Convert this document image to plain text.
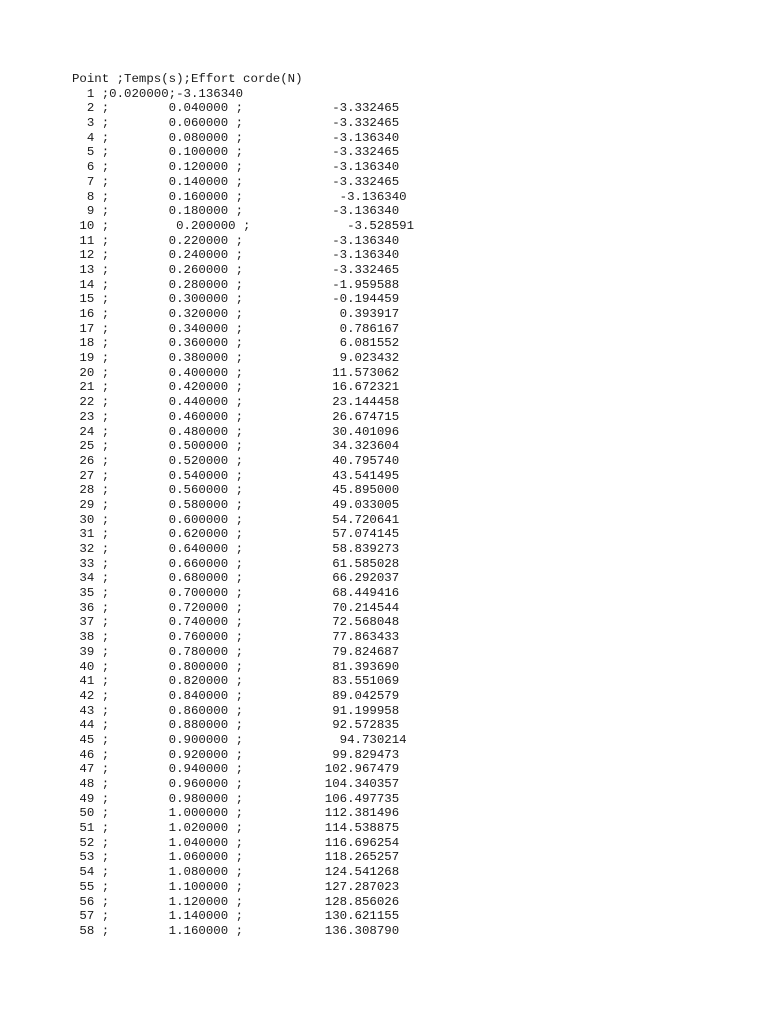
Point ;Temps(s);Effort corde(N)
1 ;0.020000;-3.136340
2 ;        0.040000 ;            -3.332465
3 ;        0.060000 ;            -3.332465
4 ;        0.080000 ;            -3.136340
5 ;        0.100000 ;            -3.332465
6 ;        0.120000 ;            -3.136340
7 ;        0.140000 ;            -3.332465
8 ;        0.160000 ;             -3.136340
9 ;        0.180000 ;            -3.136340
10 ;         0.200000 ;             -3.528591
11 ;        0.220000 ;            -3.136340
12 ;        0.240000 ;            -3.136340
13 ;        0.260000 ;            -3.332465
14 ;        0.280000 ;            -1.959588
15 ;        0.300000 ;            -0.194459
16 ;        0.320000 ;             0.393917
17 ;        0.340000 ;             0.786167
18 ;        0.360000 ;             6.081552
19 ;        0.380000 ;             9.023432
20 ;        0.400000 ;            11.573062
21 ;        0.420000 ;            16.672321
22 ;        0.440000 ;            23.144458
23 ;        0.460000 ;            26.674715
24 ;        0.480000 ;            30.401096
25 ;        0.500000 ;            34.323604
26 ;        0.520000 ;            40.795740
27 ;        0.540000 ;            43.541495
28 ;        0.560000 ;            45.895000
29 ;        0.580000 ;            49.033005
30 ;        0.600000 ;            54.720641
31 ;        0.620000 ;            57.074145
32 ;        0.640000 ;            58.839273
33 ;        0.660000 ;            61.585028
34 ;        0.680000 ;            66.292037
35 ;        0.700000 ;            68.449416
36 ;        0.720000 ;            70.214544
37 ;        0.740000 ;            72.568048
38 ;        0.760000 ;            77.863433
39 ;        0.780000 ;            79.824687
40 ;        0.800000 ;            81.393690
41 ;        0.820000 ;            83.551069
42 ;        0.840000 ;            89.042579
43 ;        0.860000 ;            91.199958
44 ;        0.880000 ;            92.572835
45 ;        0.900000 ;             94.730214
46 ;        0.920000 ;            99.829473
47 ;        0.940000 ;           102.967479
48 ;        0.960000 ;           104.340357
49 ;        0.980000 ;           106.497735
50 ;        1.000000 ;           112.381496
51 ;        1.020000 ;           114.538875
52 ;        1.040000 ;           116.696254
53 ;        1.060000 ;           118.265257
54 ;        1.080000 ;           124.541268
55 ;        1.100000 ;           127.287023
56 ;        1.120000 ;           128.856026
57 ;        1.140000 ;           130.621155
58 ;        1.160000 ;           136.308790
